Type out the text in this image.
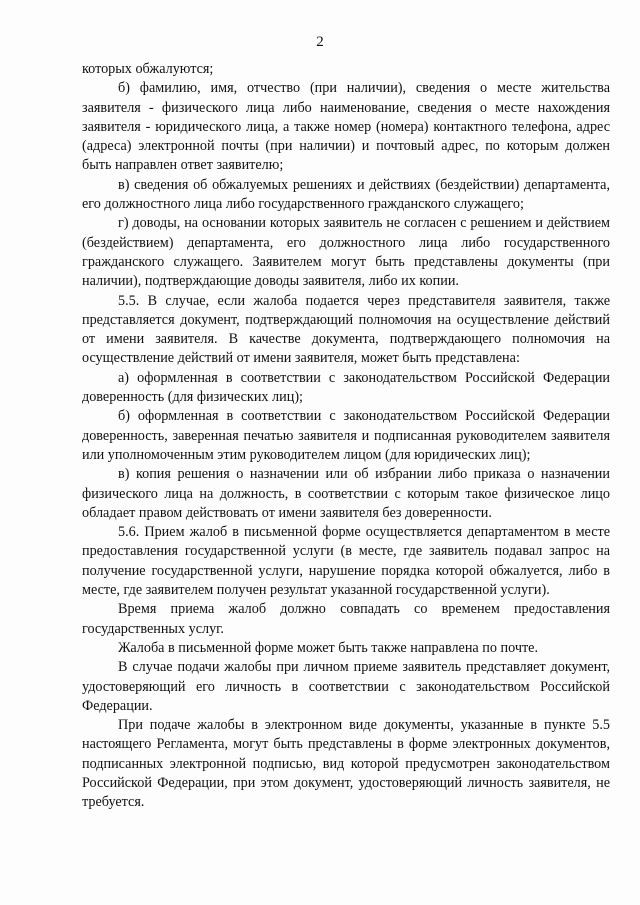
2

которых обжалуются;

б) фамилию, имя, отчество (при наличии), сведения о месте жительства заявителя - физического лица либо наименование, сведения о месте нахождения заявителя - юридического лица, а также номер (номера) контактного телефона, адрес (адреса) электронной почты (при наличии) и почтовый адрес, по которым должен быть направлен ответ заявителю;

в) сведения об обжалуемых решениях и действиях (бездействии) департамента, его должностного лица либо государственного гражданского служащего;

г) доводы, на основании которых заявитель не согласен с решением и действием (бездействием) департамента, его должностного лица либо государственного гражданского служащего. Заявителем могут быть представлены документы (при наличии), подтверждающие доводы заявителя, либо их копии.

5.5. В случае, если жалоба подается через представителя заявителя, также представляется документ, подтверждающий полномочия на осуществление действий от имени заявителя. В качестве документа, подтверждающего полномочия на осуществление действий от имени заявителя, может быть представлена:

а) оформленная в соответствии с законодательством Российской Федерации доверенность (для физических лиц);

б) оформленная в соответствии с законодательством Российской Федерации доверенность, заверенная печатью заявителя и подписанная руководителем заявителя или уполномоченным этим руководителем лицом (для юридических лиц);

в) копия решения о назначении или об избрании либо приказа о назначении физического лица на должность, в соответствии с которым такое физическое лицо обладает правом действовать от имени заявителя без доверенности.

5.6. Прием жалоб в письменной форме осуществляется департаментом в месте предоставления государственной услуги (в месте, где заявитель подавал запрос на получение государственной услуги, нарушение порядка которой обжалуется, либо в месте, где заявителем получен результат указанной государственной услуги).

Время приема жалоб должно совпадать со временем предоставления государственных услуг.

Жалоба в письменной форме может быть также направлена по почте.

В случае подачи жалобы при личном приеме заявитель представляет документ, удостоверяющий его личность в соответствии с законодательством Российской Федерации.

При подаче жалобы в электронном виде документы, указанные в пункте 5.5 настоящего Регламента, могут быть представлены в форме электронных документов, подписанных электронной подписью, вид которой предусмотрен законодательством Российской Федерации, при этом документ, удостоверяющий личность заявителя, не требуется.
